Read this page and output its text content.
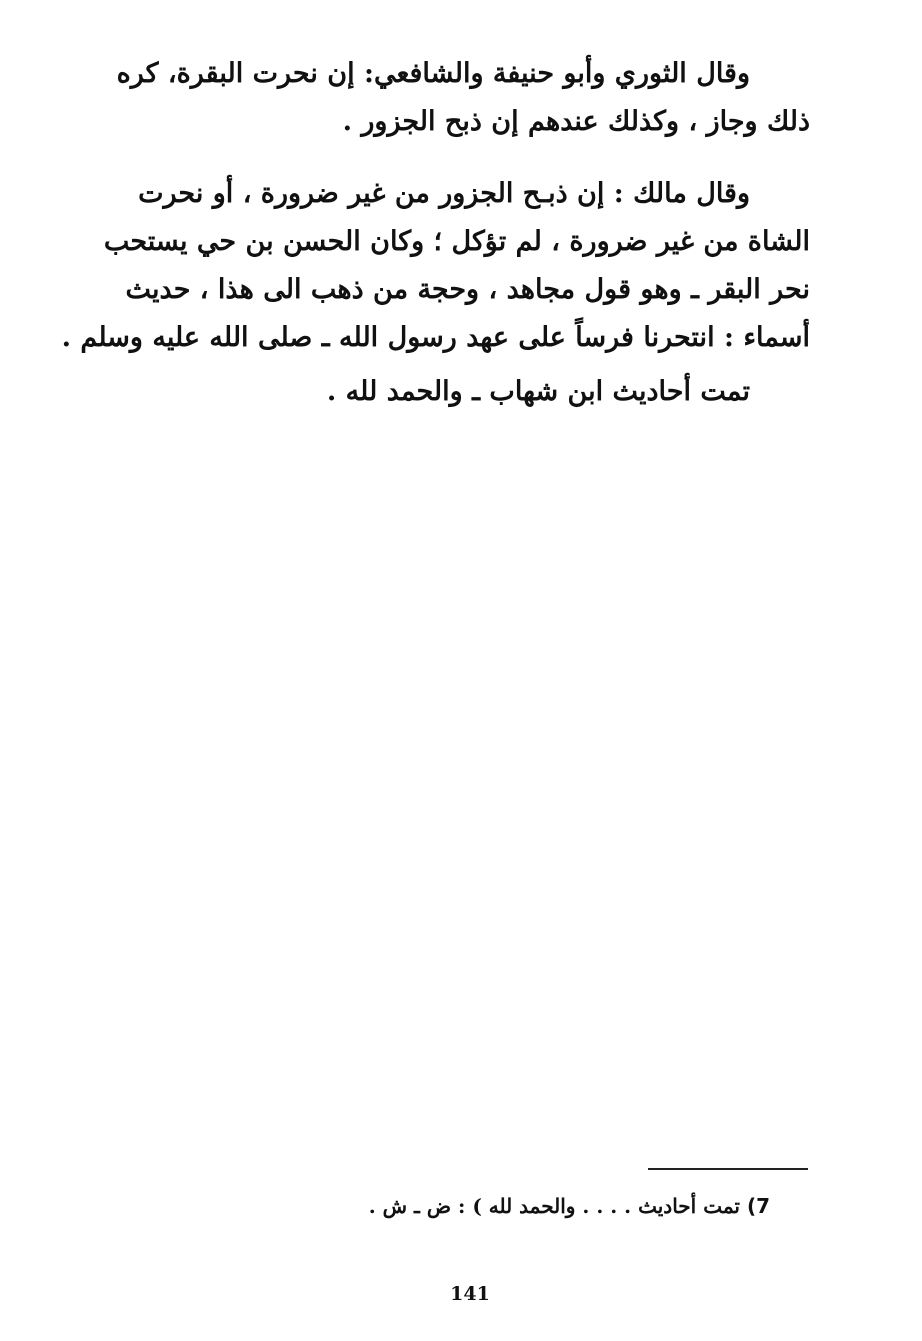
وقال الثوري وأبو حنيفة والشافعي: إن نحرت البقرة، كره
ذلك وجاز ، وكذلك عندهم إن ذبح الجزور .
وقال مالك : إن ذبـح الجزور من غير ضرورة ، أو نحرت
الشاة من غير ضرورة ، لم تؤكل ؛ وكان الحسن بن حي يستحب
نحر البقر ـ وهو قول مجاهد ، وحجة من ذهب الى هذا ، حديث
أسماء : انتحرنا فرساً على عهد رسول الله ـ صلى الله عليه وسلم .
تمت أحاديث ابن شهاب ـ والحمد لله .
7) تمت أحاديث . . . . والحمد لله ) : ض ـ ش .
141
